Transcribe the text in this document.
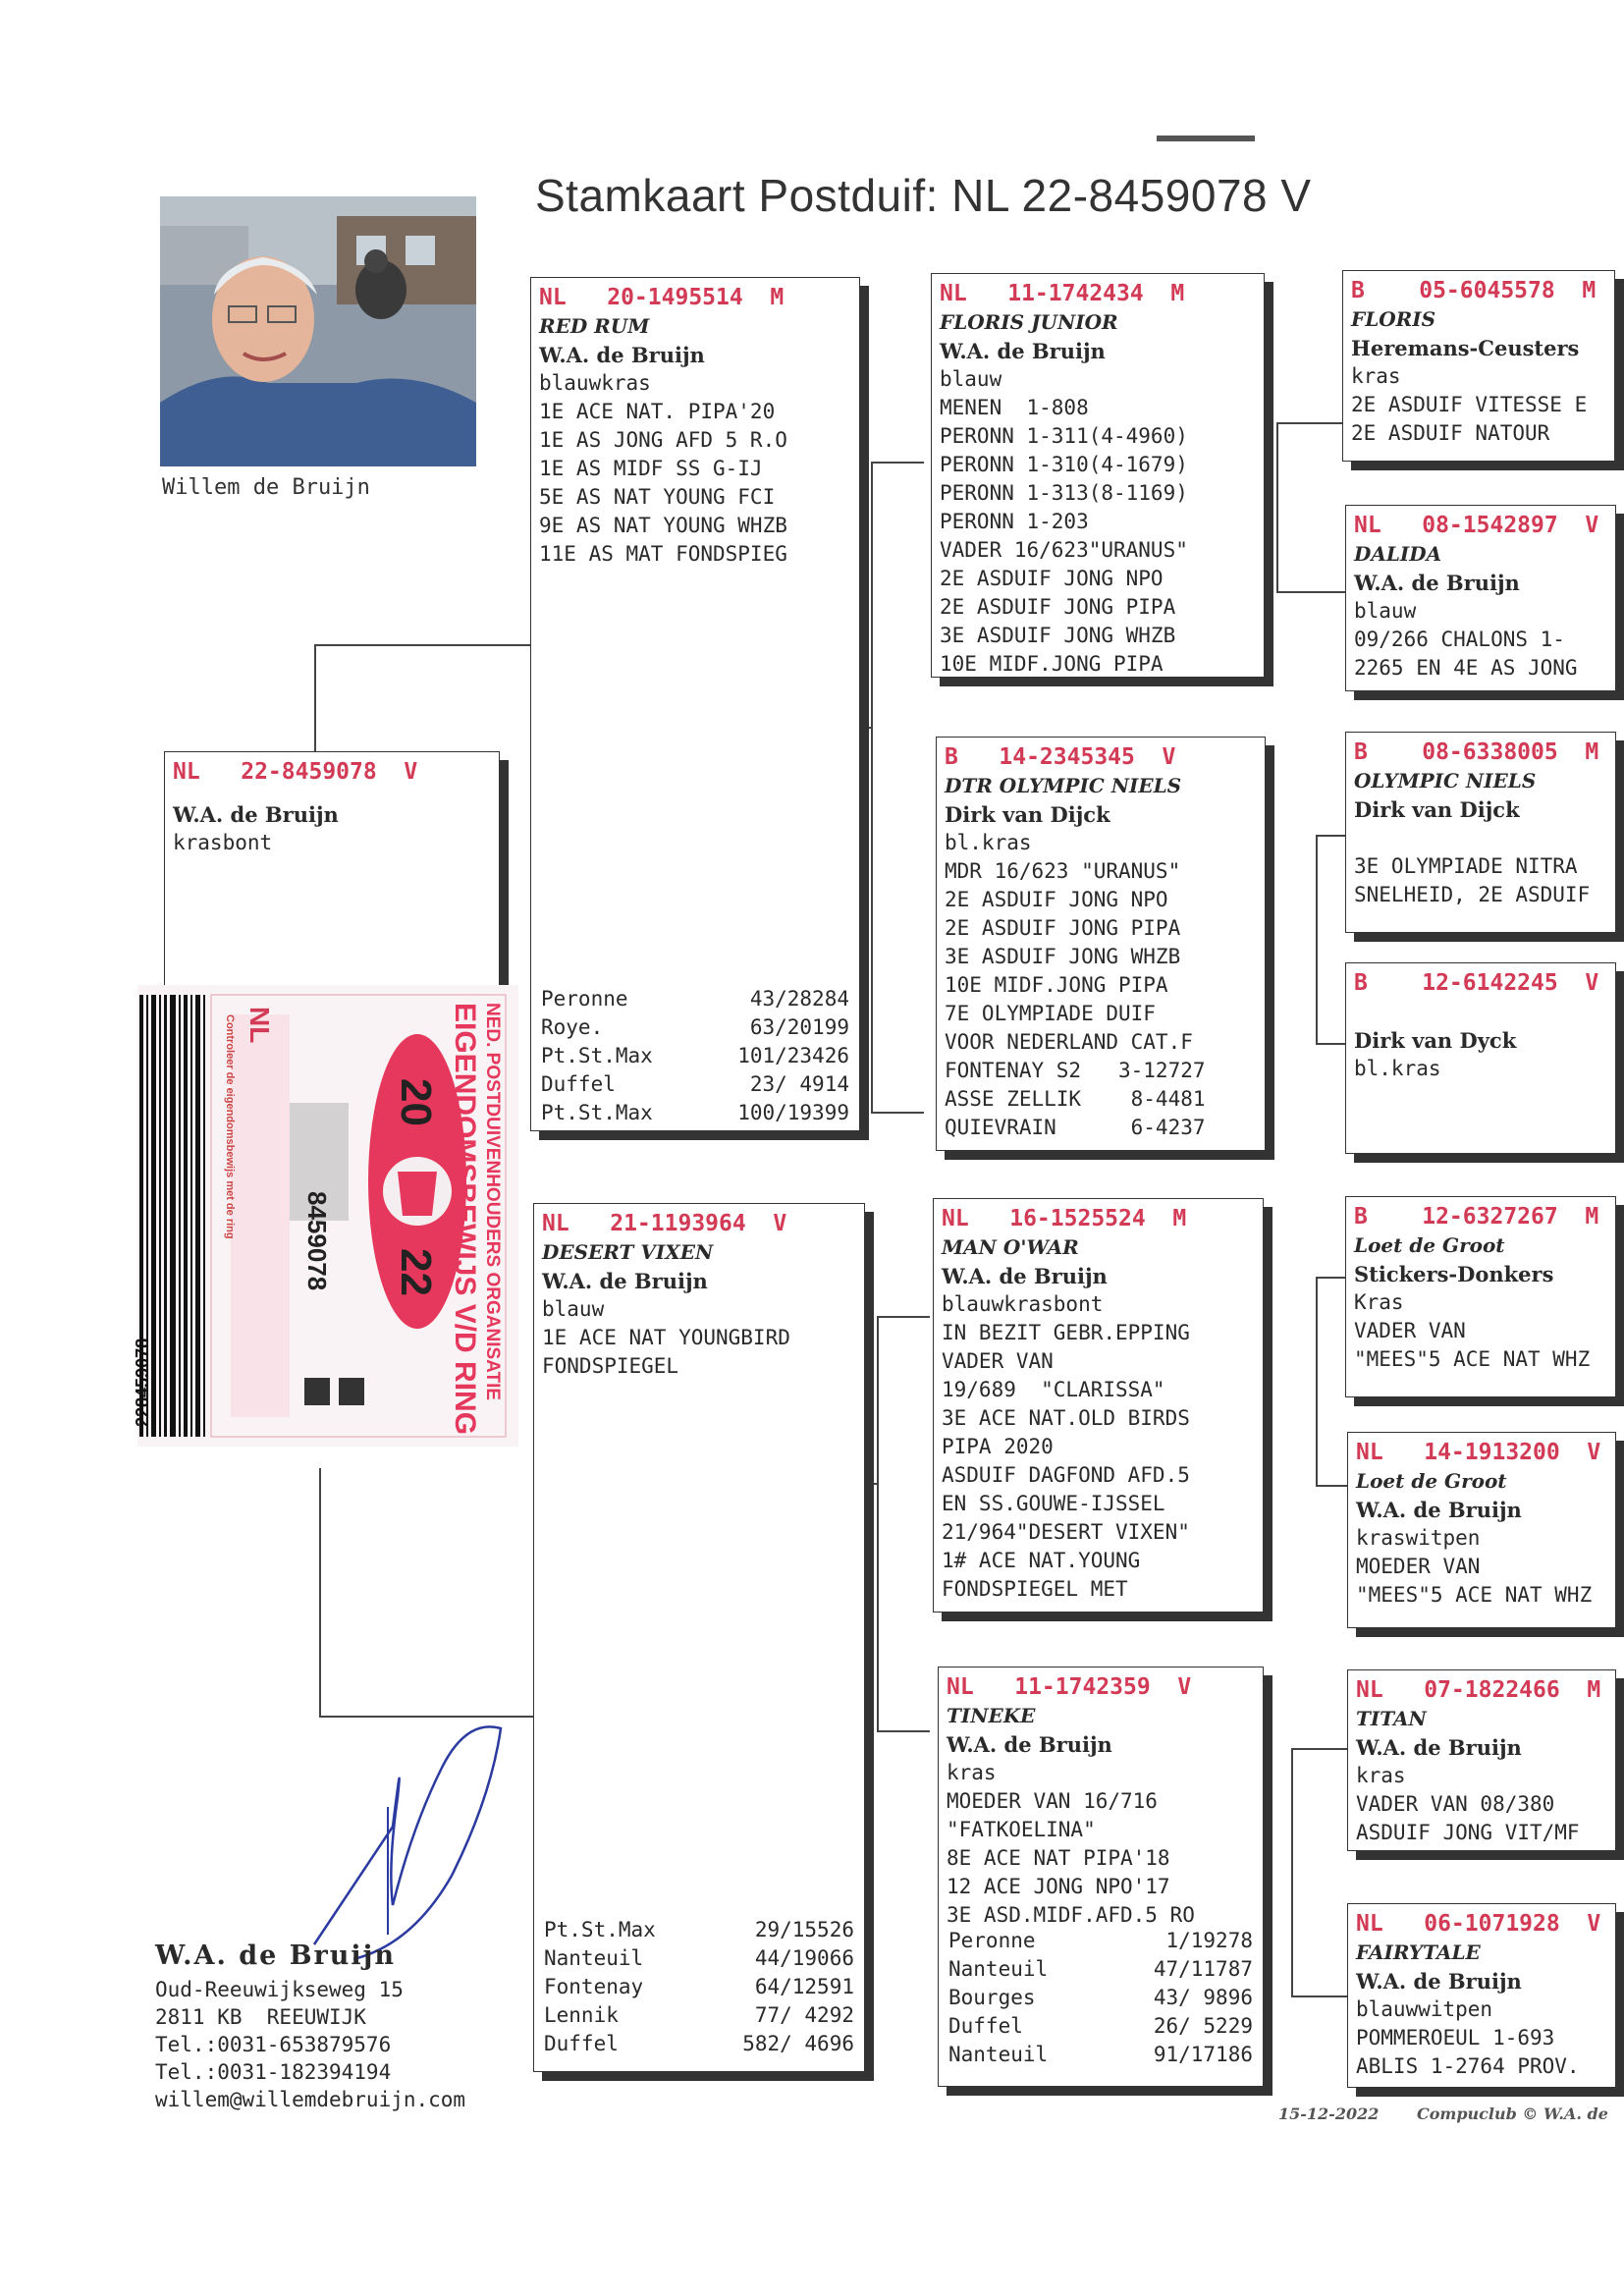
Stamkaart Postduif: NL 22-8459078 V
Willem de Bruijn
NL   22-8459078  V
W.A. de Bruijn
krasbont
NED. POSTDUIVENHOUDERS ORGANISATIE
EIGENDOMSBEWIJS V/D RING
20
22
NL
8459078
Controleer de eigendomsbewijs met de ring
228459078
NL   20-1495514  M
RED RUM
W.A. de Bruijn
blauwkras
1E ACE NAT. PIPA'20
1E AS JONG AFD 5 R.O
1E AS MIDF SS G-IJ
5E AS NAT YOUNG FCI
9E AS NAT YOUNG WHZB
11E AS MAT FONDSPIEG
Peronne	43/28284
Roye.	63/20199
Pt.St.Max	101/23426
Duffel	23/ 4914
Pt.St.Max	100/19399
NL   21-1193964  V
DESERT VIXEN
W.A. de Bruijn
blauw
1E ACE NAT YOUNGBIRD
FONDSPIEGEL
Pt.St.Max	29/15526
Nanteuil	44/19066
Fontenay	64/12591
Lennik	77/ 4292
Duffel	582/ 4696
NL   11-1742434  M
FLORIS JUNIOR
W.A. de Bruijn
blauw
MENEN  1-808
PERONN 1-311(4-4960)
PERONN 1-310(4-1679)
PERONN 1-313(8-1169)
PERONN 1-203
VADER 16/623"URANUS"
2E ASDUIF JONG NPO
2E ASDUIF JONG PIPA
3E ASDUIF JONG WHZB
10E MIDF.JONG PIPA
B   14-2345345  V
DTR OLYMPIC NIELS
Dirk van Dijck
bl.kras
MDR 16/623 "URANUS"
2E ASDUIF JONG NPO
2E ASDUIF JONG PIPA
3E ASDUIF JONG WHZB
10E MIDF.JONG PIPA
7E OLYMPIADE DUIF
VOOR NEDERLAND CAT.F
FONTENAY S2   3-12727
ASSE ZELLIK    8-4481
QUIEVRAIN      6-4237
NL   16-1525524  M
MAN O'WAR
W.A. de Bruijn
blauwkrasbont
IN BEZIT GEBR.EPPING
VADER VAN
19/689  "CLARISSA"
3E ACE NAT.OLD BIRDS
PIPA 2020
ASDUIF DAGFOND AFD.5
EN SS.GOUWE-IJSSEL
21/964"DESERT VIXEN"
1# ACE NAT.YOUNG
FONDSPIEGEL MET
NL   11-1742359  V
TINEKE
W.A. de Bruijn
kras
MOEDER VAN 16/716
"FATKOELINA"
8E ACE NAT PIPA'18
12 ACE JONG NPO'17
3E ASD.MIDF.AFD.5 RO
Peronne	1/19278
Nanteuil	47/11787
Bourges	43/ 9896
Duffel	26/ 5229
Nanteuil	91/17186
B    05-6045578  M
FLORIS
Heremans-Ceusters
kras
2E ASDUIF VITESSE E
2E ASDUIF NATOUR
NL   08-1542897  V
DALIDA
W.A. de Bruijn
blauw
09/266 CHALONS 1-
2265 EN 4E AS JONG
B    08-6338005  M
OLYMPIC NIELS
Dirk van Dijck
3E OLYMPIADE NITRA
SNELHEID, 2E ASDUIF
B    12-6142245  V
Dirk van Dyck
bl.kras
B    12-6327267  M
Loet de Groot
Stickers-Donkers
Kras
VADER VAN
"MEES"5 ACE NAT WHZ
NL   14-1913200  V
Loet de Groot
W.A. de Bruijn
kraswitpen
MOEDER VAN
"MEES"5 ACE NAT WHZ
NL   07-1822466  M
TITAN
W.A. de Bruijn
kras
VADER VAN 08/380
ASDUIF JONG VIT/MF
NL   06-1071928  V
FAIRYTALE
W.A. de Bruijn
blauwwitpen
POMMEROEUL 1-693
ABLIS 1-2764 PROV.
W.A. de Bruijn
Oud-Reeuwijkseweg 15
2811 KB  REEUWIJK
Tel.:0031-653879576
Tel.:0031-182394194
willem@willemdebruijn.com
15-12-2022 Compuclub © W.A. de
